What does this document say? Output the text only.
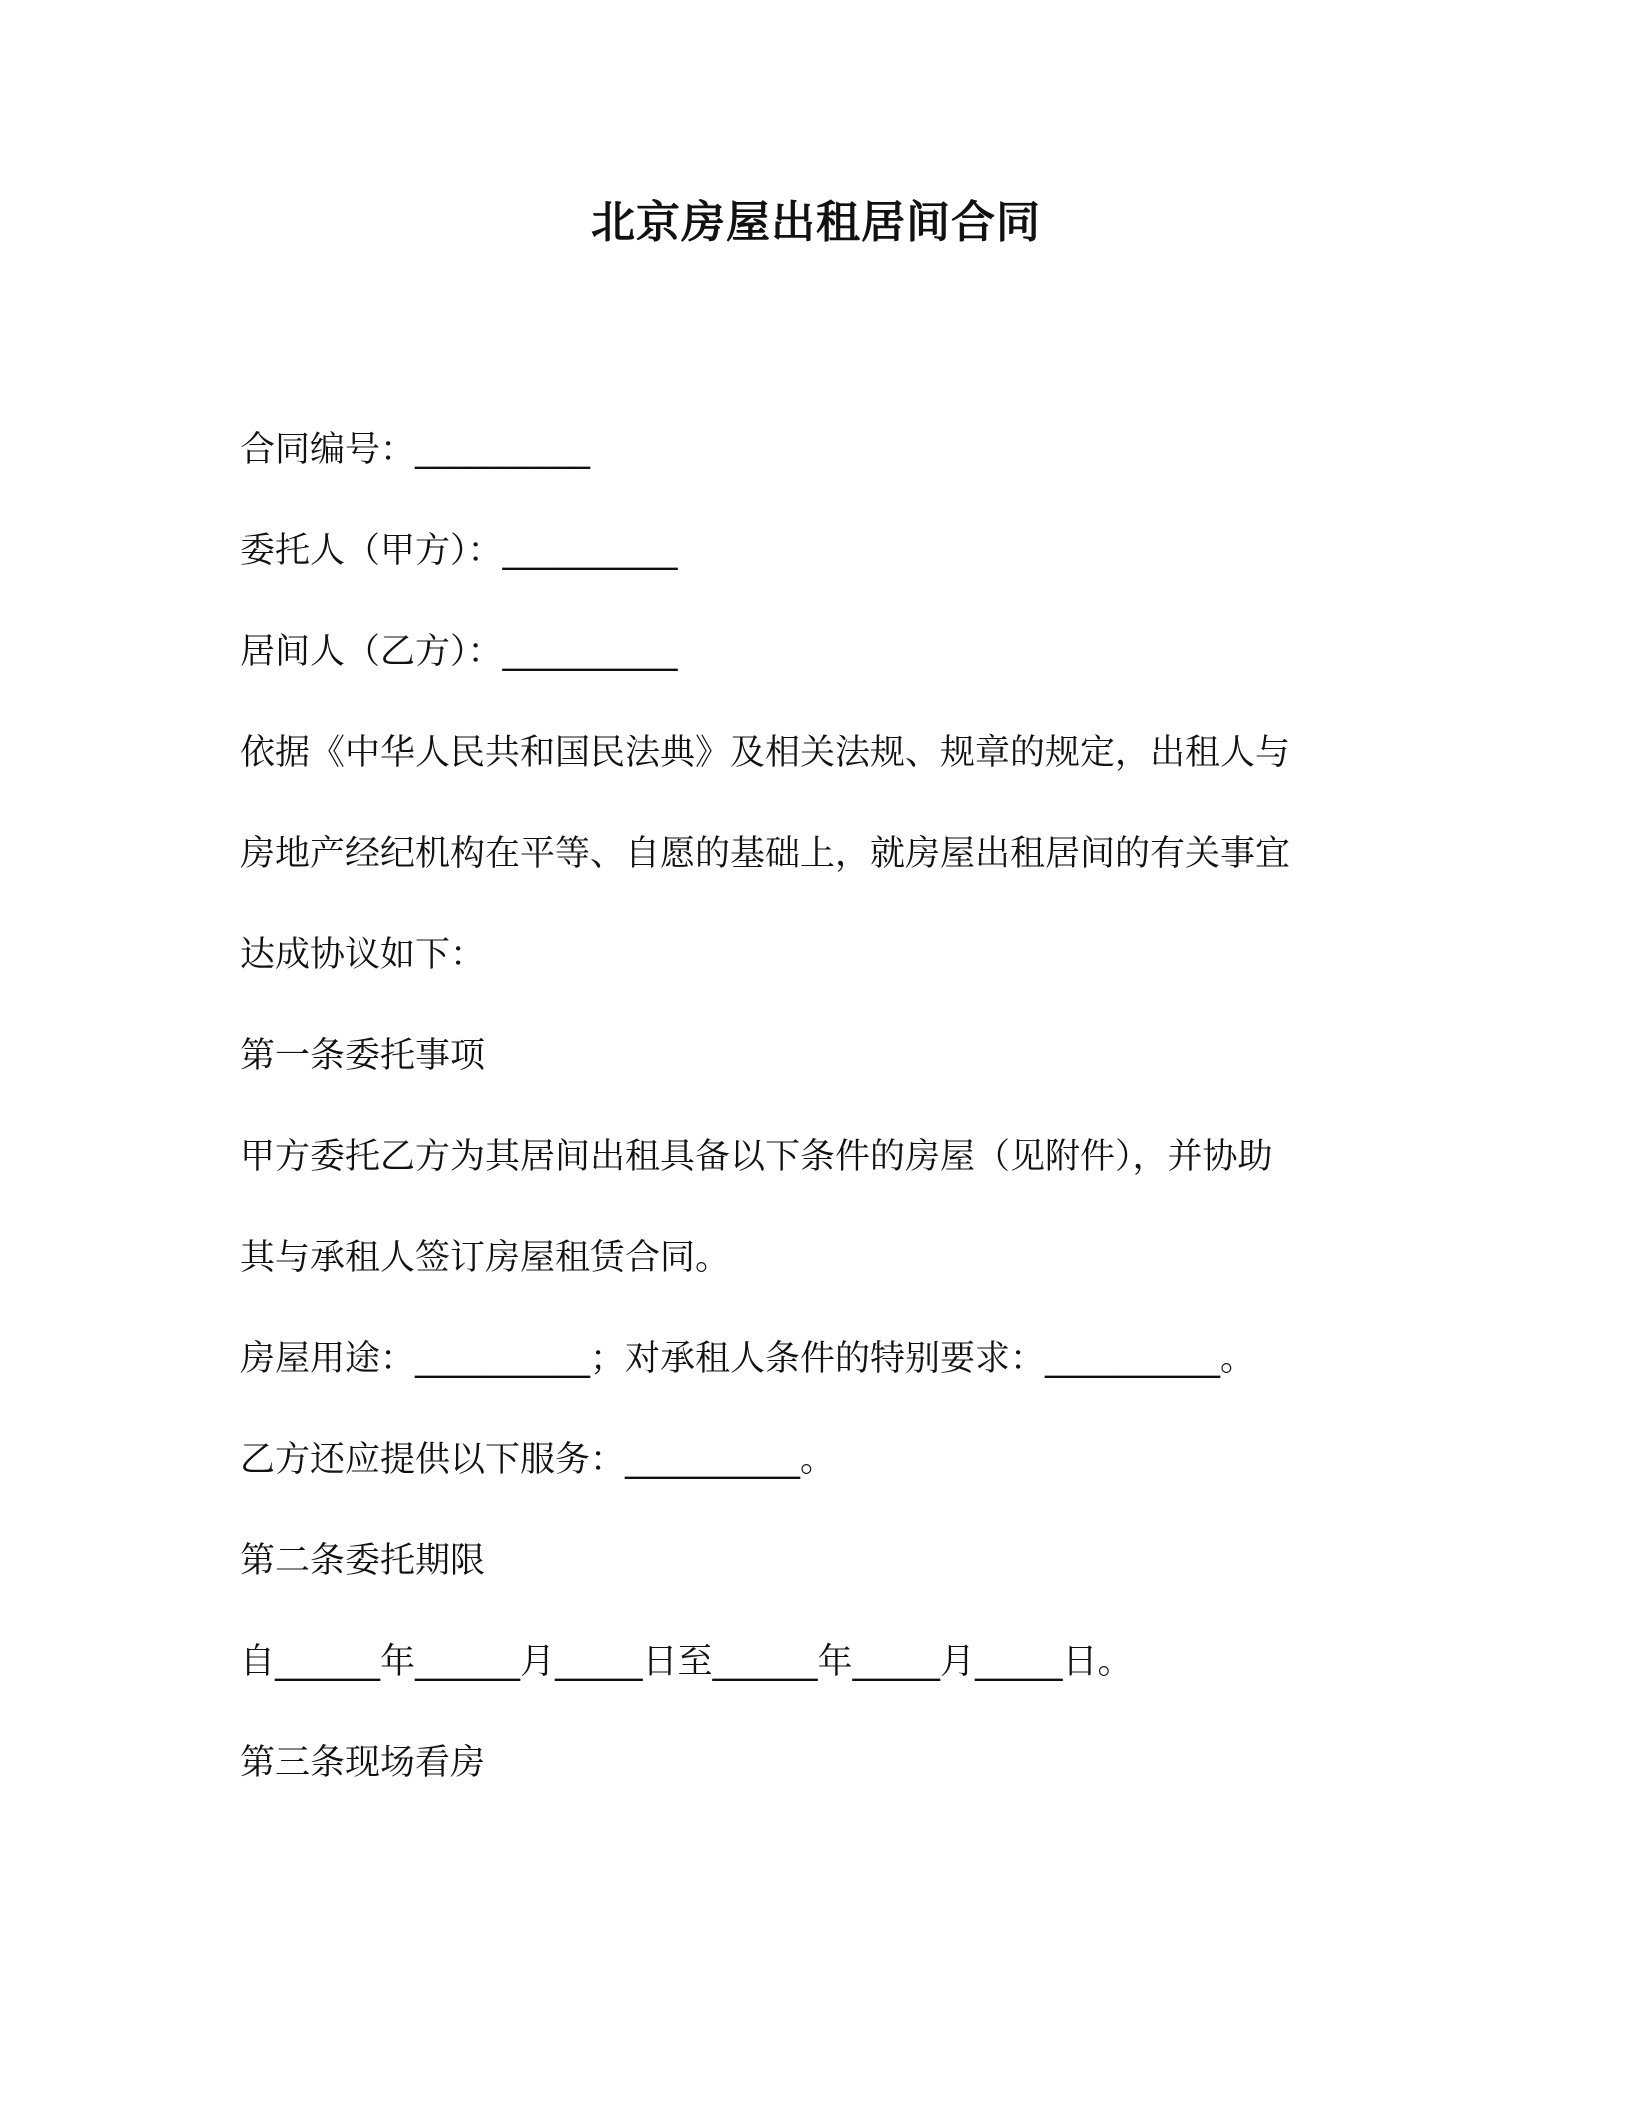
北京房屋出租居间合同

合同编号：__________

委托人（甲方）：__________

居间人（乙方）：__________

依据《中华人民共和国民法典》及相关法规、规章的规定，出租人与

房地产经纪机构在平等、自愿的基础上，就房屋出租居间的有关事宜

达成协议如下：

第一条委托事项

甲方委托乙方为其居间出租具备以下条件的房屋（见附件），并协助

其与承租人签订房屋租赁合同。

房屋用途：__________；对承租人条件的特别要求：__________。

乙方还应提供以下服务：__________。

第二条委托期限

自______年______月_____日至______年_____月_____日。

第三条现场看房
